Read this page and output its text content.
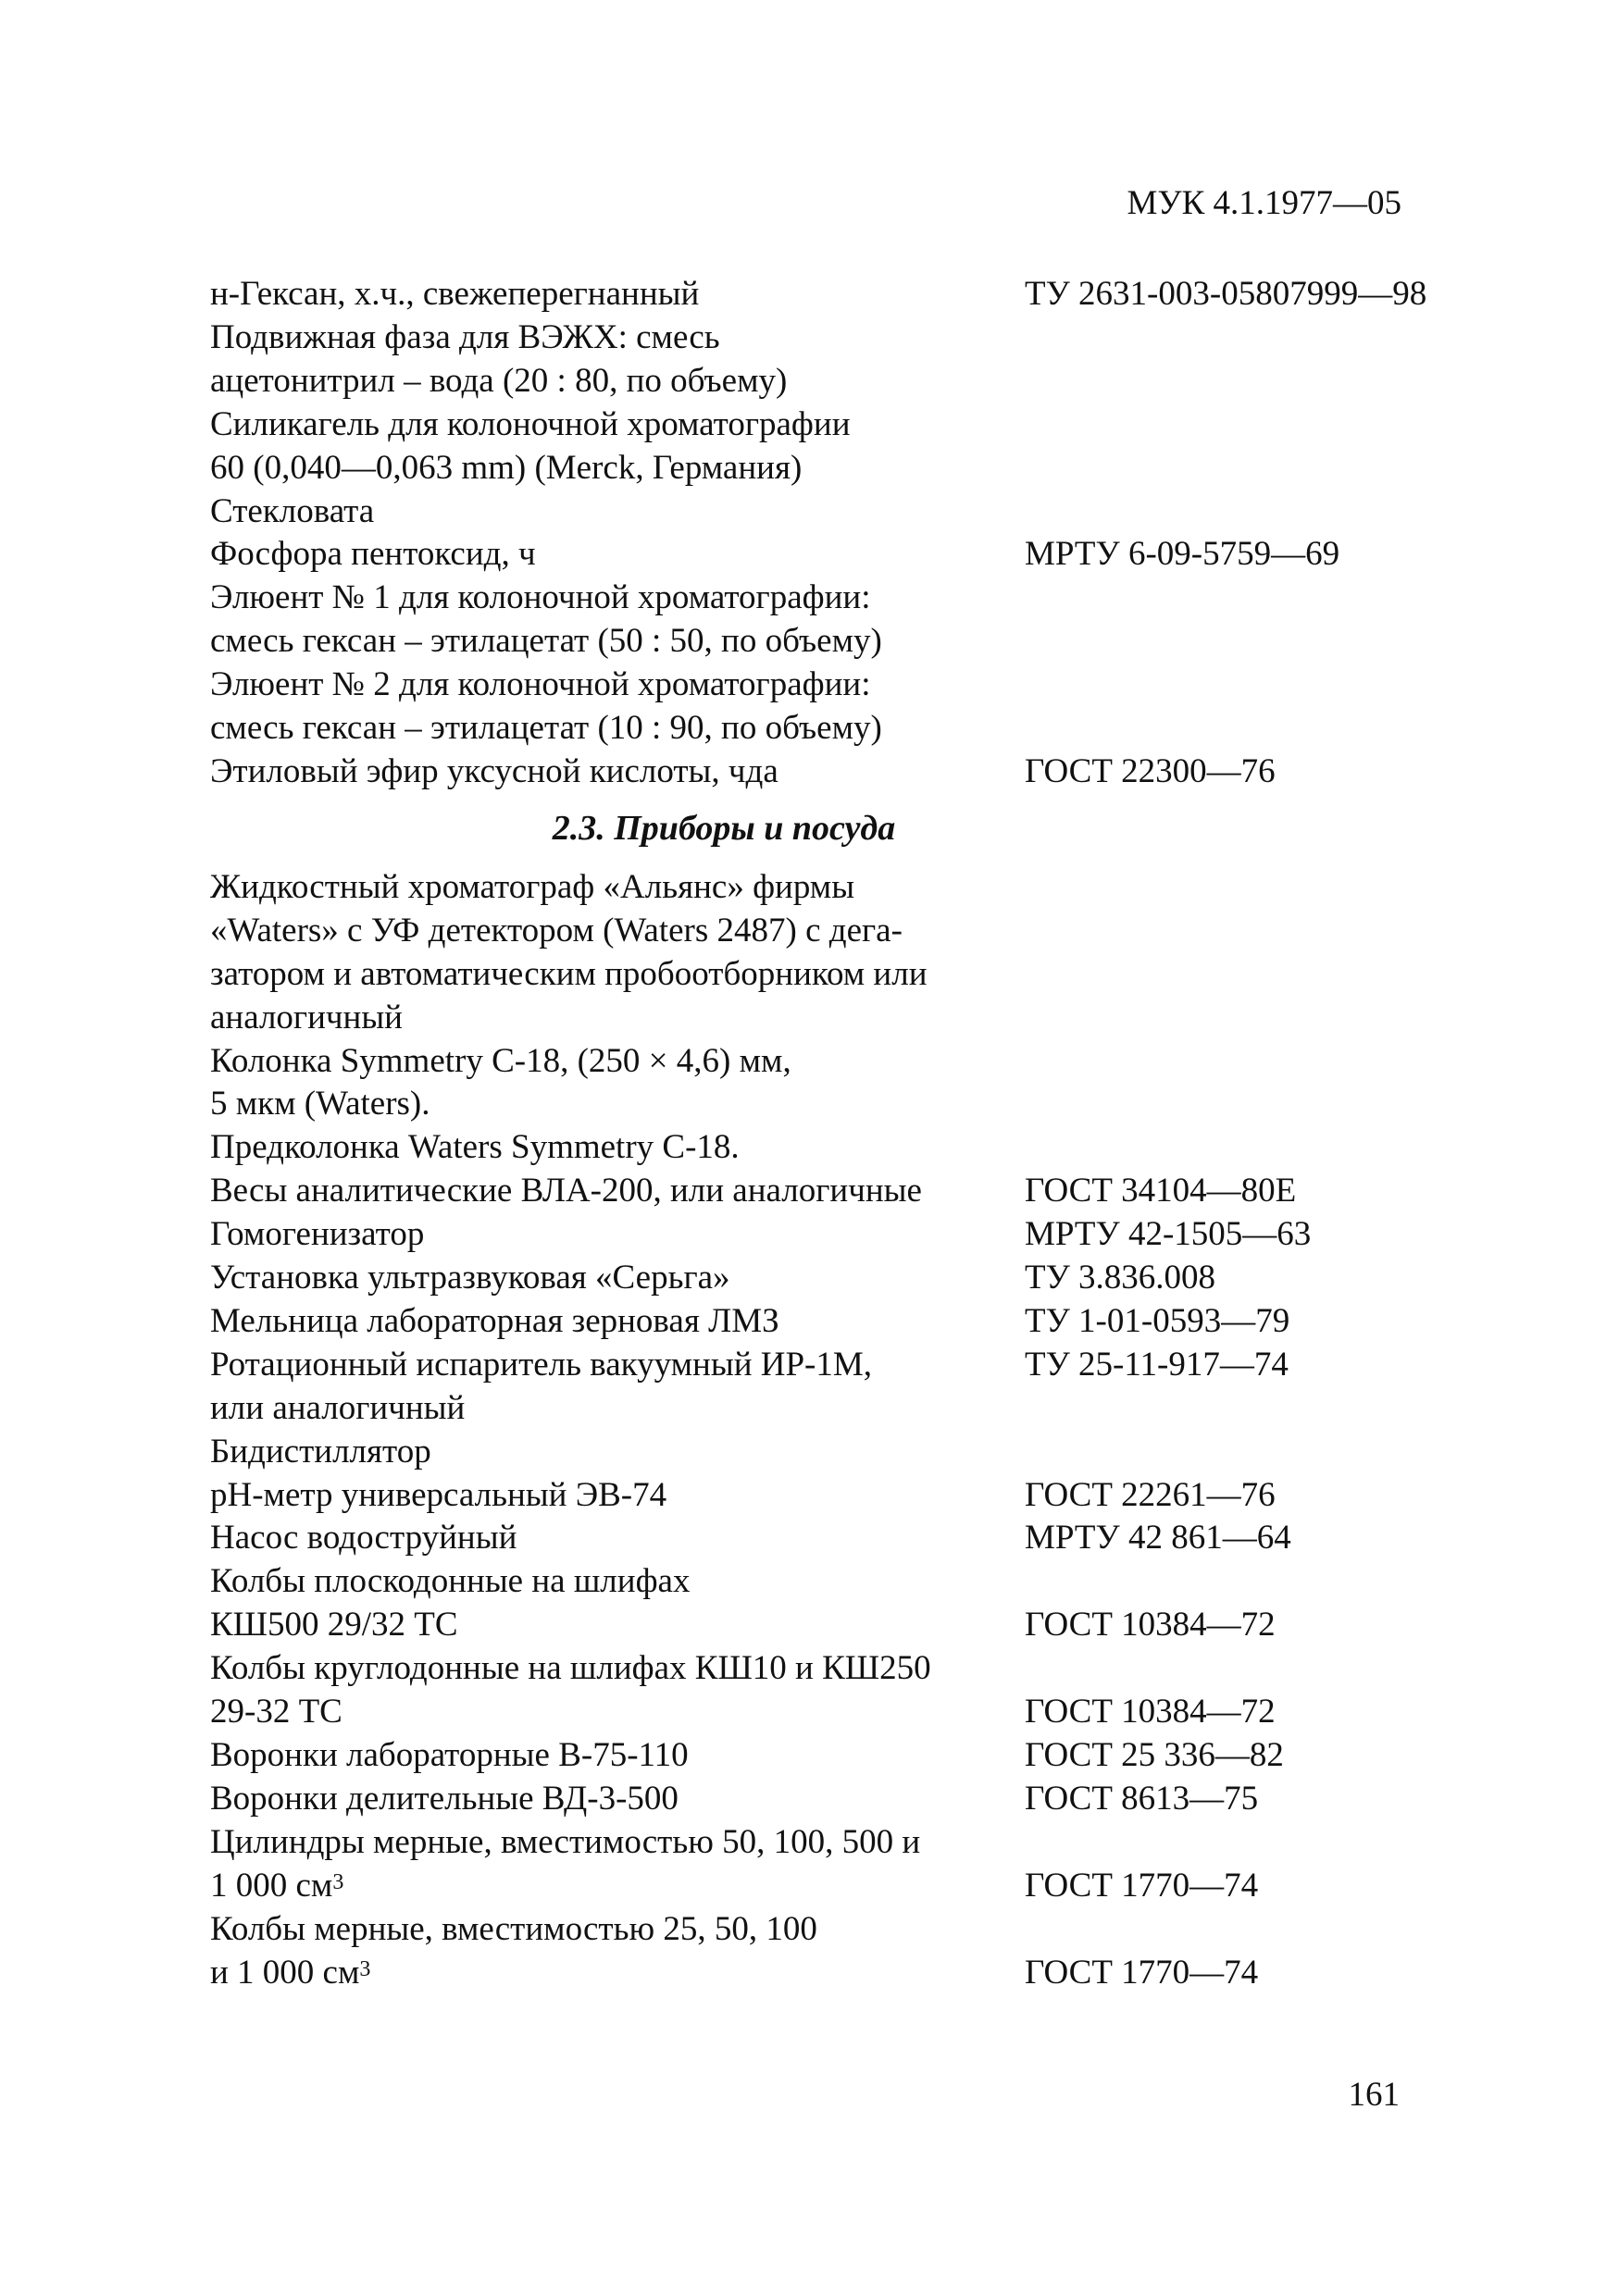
МУК 4.1.1977—05
н-Гексан, х.ч., свежеперегнанный	ТУ 2631-003-05807999—98
Подвижная фаза для ВЭЖХ: смесь
ацетонитрил – вода (20 : 80, по объему)
Силикагель для колоночной хроматографии
60 (0,040—0,063 mm) (Merck, Германия)
Стекловата
Фосфора пентоксид, ч	МРТУ 6-09-5759—69
Элюент № 1 для колоночной хроматографии:
смесь гексан – этилацетат (50 : 50, по объему)
Элюент № 2 для колоночной хроматографии:
смесь гексан – этилацетат (10 : 90, по объему)
Этиловый эфир уксусной кислоты, чда	ГОСТ 22300—76
2.3. Приборы и посуда
Жидкостный хроматограф «Альянс» фирмы
«Waters» с УФ детектором (Waters 2487) с дега-
затором и автоматическим пробоотборником или
аналогичный
Колонка Symmetry С-18, (250 × 4,6) мм,
5 мкм (Waters).
Предколонка Waters Symmetry С-18.
Весы аналитические ВЛА-200, или аналогичные	ГОСТ 34104—80Е
Гомогенизатор	МРТУ 42-1505—63
Установка ультразвуковая «Серьга»	ТУ 3.836.008
Мельница лабораторная зерновая ЛМЗ	ТУ 1-01-0593—79
Ротационный испаритель вакуумный ИР-1М,	ТУ 25-11-917—74
или аналогичный
Бидистиллятор
рН-метр универсальный ЭВ-74	ГОСТ 22261—76
Насос водоструйный	МРТУ 42 861—64
Колбы плоскодонные на шлифах
КШ500 29/32 ТС	ГОСТ 10384—72
Колбы круглодонные на шлифах КШ10 и КШ250
29-32 ТС	ГОСТ 10384—72
Воронки лабораторные В-75-110	ГОСТ 25 336—82
Воронки делительные ВД-3-500	ГОСТ 8613—75
Цилиндры мерные, вместимостью 50, 100, 500 и
1 000 $см^3$	ГОСТ 1770—74
Колбы мерные, вместимостью 25, 50, 100
и 1 000 $см^3$	ГОСТ 1770—74
161
